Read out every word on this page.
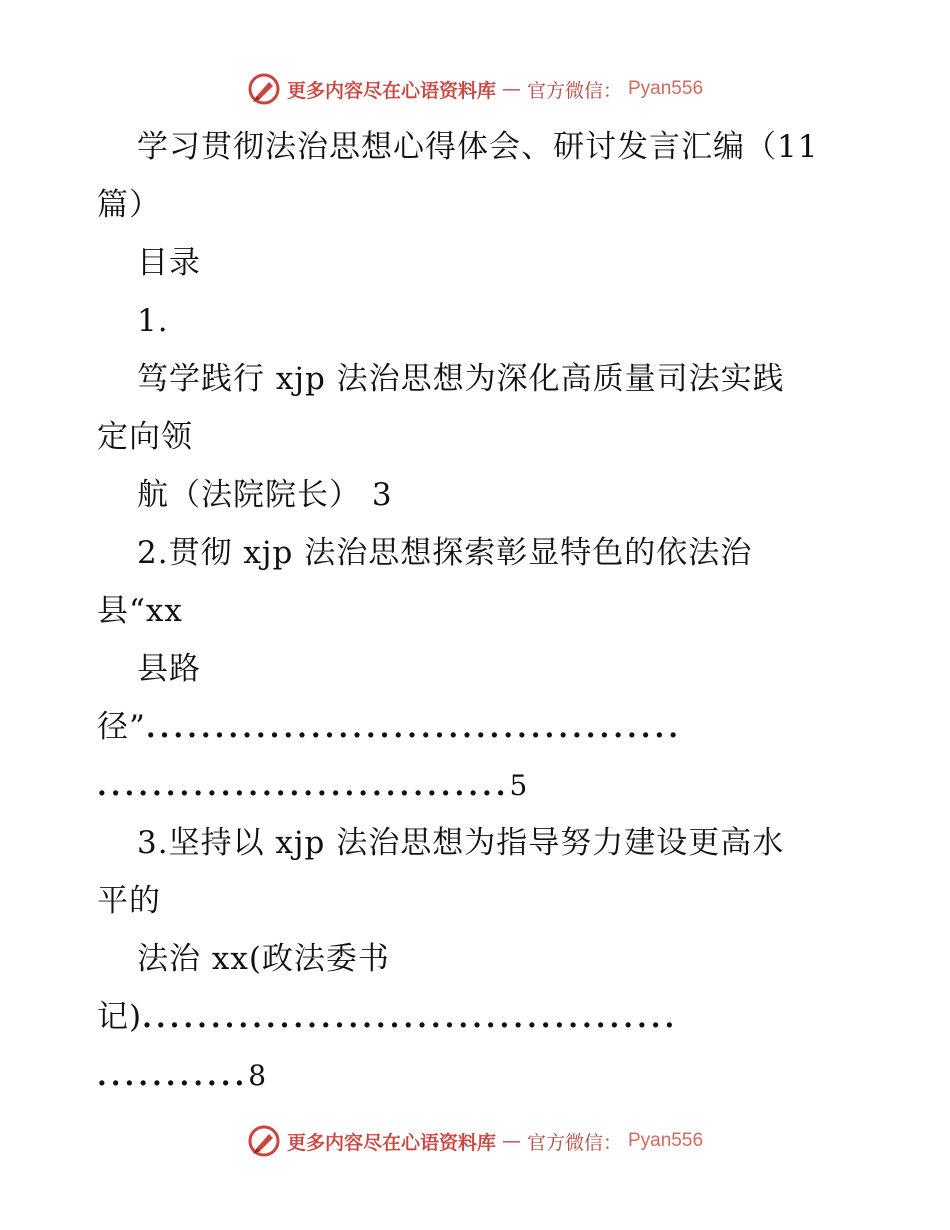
更多内容尽在心语资料库 — 官方微信： Pyan556
学习贯彻法治思想心得体会、研讨发言汇编（11
篇）
目录
1.
笃学践行 xjp 法治思想为深化高质量司法实践
定向领
航（法院院长） 3
2.贯彻 xjp 法治思想探索彰显特色的依法治
县“xx
县路
径”.......................................
..............................5
3.坚持以 xjp 法治思想为指导努力建设更高水
平的
法治 xx(政法委书
记).......................................
...........8
更多内容尽在心语资料库 — 官方微信： Pyan556
